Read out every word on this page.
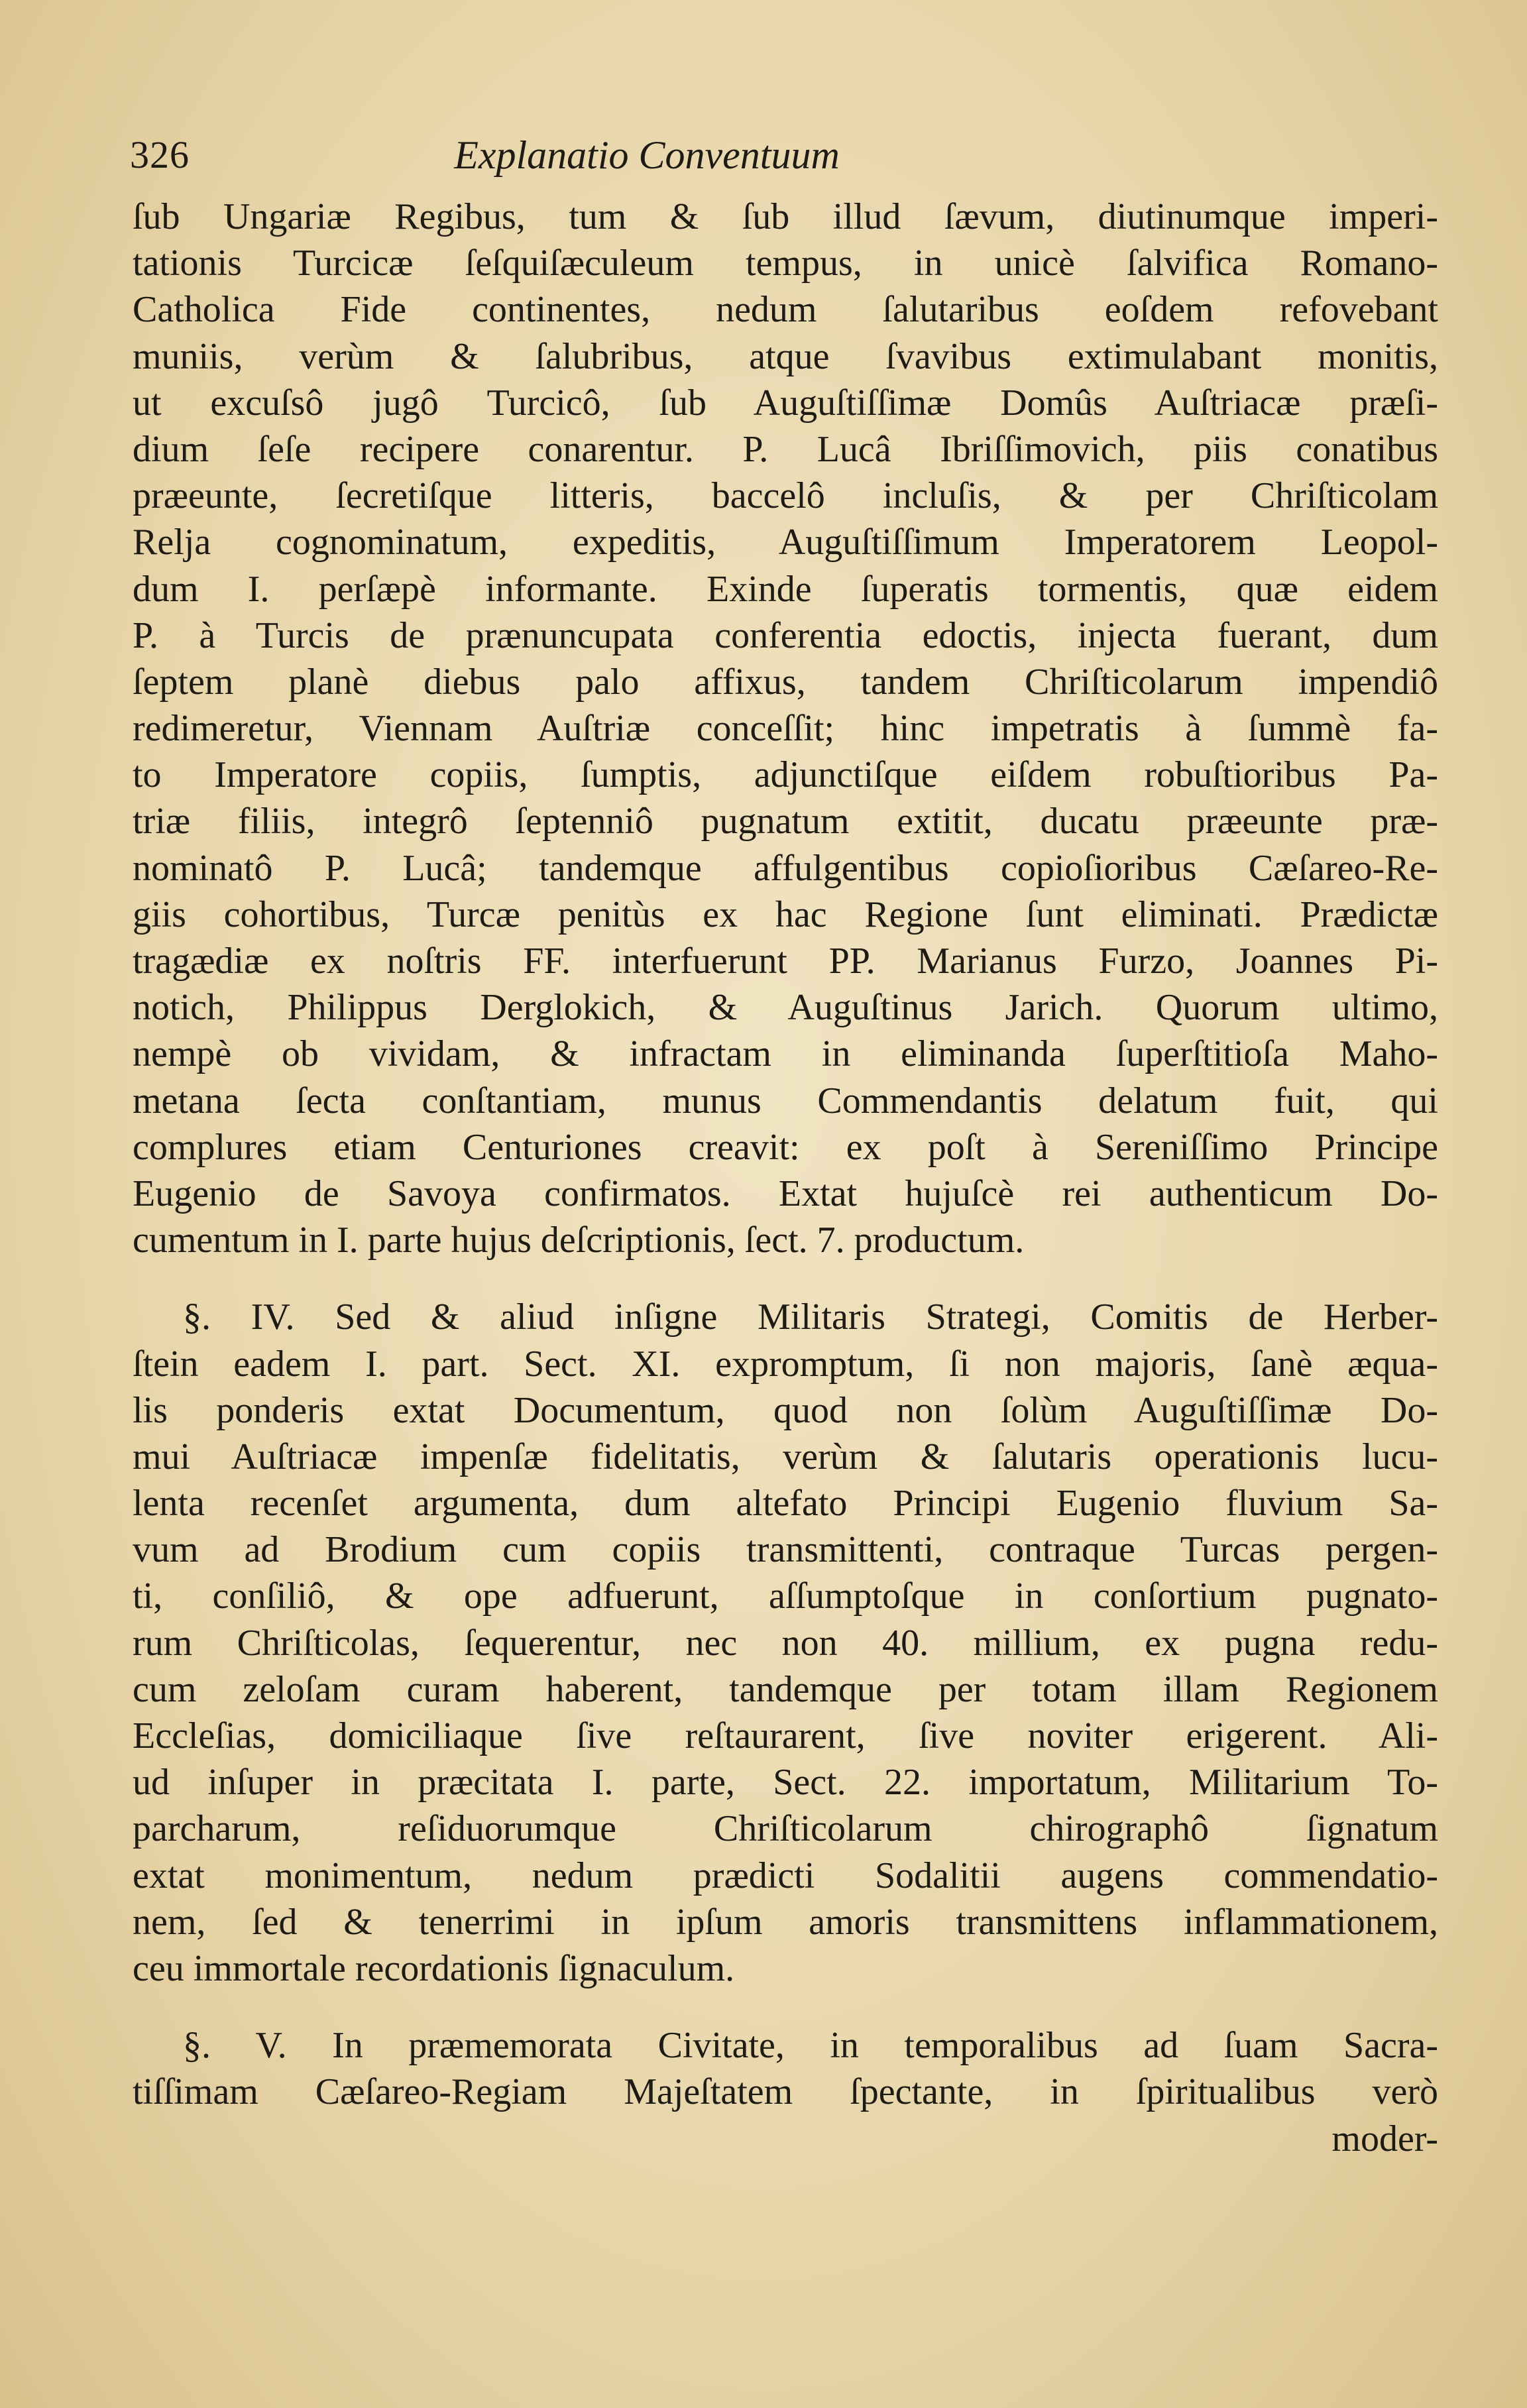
326	Explanatio Conventuum
ſub Ungariæ Regibus, tum & ſub illud ſævum, diutinumque imperi-
tationis Turcicæ ſeſquiſæculeum tempus, in unicè ſalvifica Romano-
Catholica Fide continentes, nedum ſalutaribus eoſdem refovebant
muniis, verùm & ſalubribus, atque ſvavibus extimulabant monitis,
ut excuſsô jugô Turcicô, ſub Auguſtiſſimæ Domûs Auſtriacæ præſi-
dium ſeſe recipere conarentur. P. Lucâ Ibriſſimovich, piis conatibus
præeunte, ſecretiſque litteris, baccelô incluſis, & per Chriſticolam
Relja cognominatum, expeditis, Auguſtiſſimum Imperatorem Leopol-
dum I. perſæpè informante. Exinde ſuperatis tormentis, quæ eidem
P. à Turcis de prænuncupata conferentia edoctis, injecta fuerant, dum
ſeptem planè diebus palo affixus, tandem Chriſticolarum impendiô
redimeretur, Viennam Auſtriæ conceſſit; hinc impetratis à ſummè fa-
to Imperatore copiis, ſumptis, adjunctiſque eiſdem robuſtioribus Pa-
triæ filiis, integrô ſeptenniô pugnatum extitit, ducatu præeunte præ-
nominatô P. Lucâ; tandemque affulgentibus copioſioribus Cæſareo-Re-
giis cohortibus, Turcæ penitùs ex hac Regione ſunt eliminati. Prædictæ
tragædiæ ex noſtris FF. interfuerunt PP. Marianus Furzo, Joannes Pi-
notich, Philippus Derglokich, & Auguſtinus Jarich. Quorum ultimo,
nempè ob vividam, & infractam in eliminanda ſuperſtitioſa Maho-
metana ſecta conſtantiam, munus Commendantis delatum fuit, qui
complures etiam Centuriones creavit: ex poſt à Sereniſſimo Principe
Eugenio de Savoya confirmatos. Extat hujuſcè rei authenticum Do-
cumentum in I. parte hujus deſcriptionis, ſect. 7. productum.
§. IV. Sed & aliud inſigne Militaris Strategi, Comitis de Herber-
ſtein eadem I. part. Sect. XI. expromptum, ſi non majoris, ſanè æqua-
lis ponderis extat Documentum, quod non ſolùm Auguſtiſſimæ Do-
mui Auſtriacæ impenſæ fidelitatis, verùm & ſalutaris operationis lucu-
lenta recenſet argumenta, dum altefato Principi Eugenio fluvium Sa-
vum ad Brodium cum copiis transmittenti, contraque Turcas pergen-
ti, conſiliô, & ope adfuerunt, aſſumptoſque in conſortium pugnato-
rum Chriſticolas, ſequerentur, nec non 40. millium, ex pugna redu-
cum zeloſam curam haberent, tandemque per totam illam Regionem
Eccleſias, domiciliaque ſive reſtaurarent, ſive noviter erigerent. Ali-
ud inſuper in præcitata I. parte, Sect. 22. importatum, Militarium To-
parcharum, reſiduorumque Chriſticolarum chirographô ſignatum
extat monimentum, nedum prædicti Sodalitii augens commendatio-
nem, ſed & tenerrimi in ipſum amoris transmittens inflammationem,
ceu immortale recordationis ſignaculum.
§. V. In præmemorata Civitate, in temporalibus ad ſuam Sacra-
tiſſimam Cæſareo-Regiam Majeſtatem ſpectante, in ſpiritualibus verò
moder-
